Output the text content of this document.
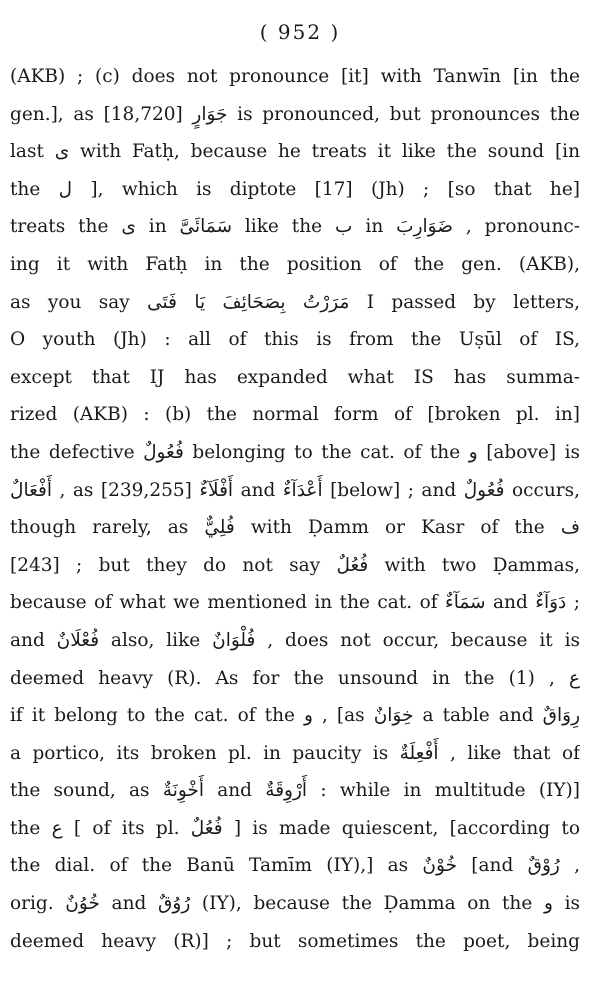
( 952 )
(AKB) ; (c) does not pronounce [it] with Tanwīn [in the
gen.], as جَوَارٍ [18,720] is pronounced, but pronounces the
last ى with Fatḥ, because he treats it like the sound [in
the ل ], which is diptote [17] (Jh) ; [so that he]
treats the ى in سَمَائَىَّ like the ب in ضَوَارِبَ , pronounc-
ing it with Fatḥ in the position of the gen. (AKB),
as you say مَرَرْتُ بِصَحَائِفَ يَا فَتَى I passed by letters,
O youth (Jh) : all of this is from the Uṣūl of IS,
except that IJ has expanded what IS has summa-
rized (AKB) : (b) the normal form of [broken pl. in]
the defective فُعُولٌ belonging to the cat. of the و [above] is
أَفْعَالٌ , as أَفْلَآءٌ [239,255] and أَعْدَآءٌ [below] ; and فُعُولٌ occurs,
though rarely, as فُلِيٌّ with Ḍamm or Kasr of the ف
[243] ; but they do not say فُعُلٌ with two Ḍammas,
because of what we mentioned in the cat. of سَمَآءٌ and دَوَآءٌ ;
and فُعْلَانٌ also, like فُلْوَانٌ , does not occur, because it is
deemed heavy (R). As for the unsound in the ع , (1)
if it belong to the cat. of the و , [as خِوَانٌ a table and رِوَاقٌ
a portico, its broken pl. in paucity is أَفْعِلَةٌ , like that of
the sound, as أَخْوِنَةٌ and أَرْوِقَةٌ : while in multitude (IY)]
the ع [ of its pl. فُعُلٌ ] is made quiescent, [according to
the dial. of the Banū Tamīm (IY),] as خُوْنٌ [and رُوْقٌ ,
orig. خُوُنٌ and رُوُقٌ (IY), because the Ḍamma on the و is
deemed heavy (R)] ; but sometimes the poet, being
